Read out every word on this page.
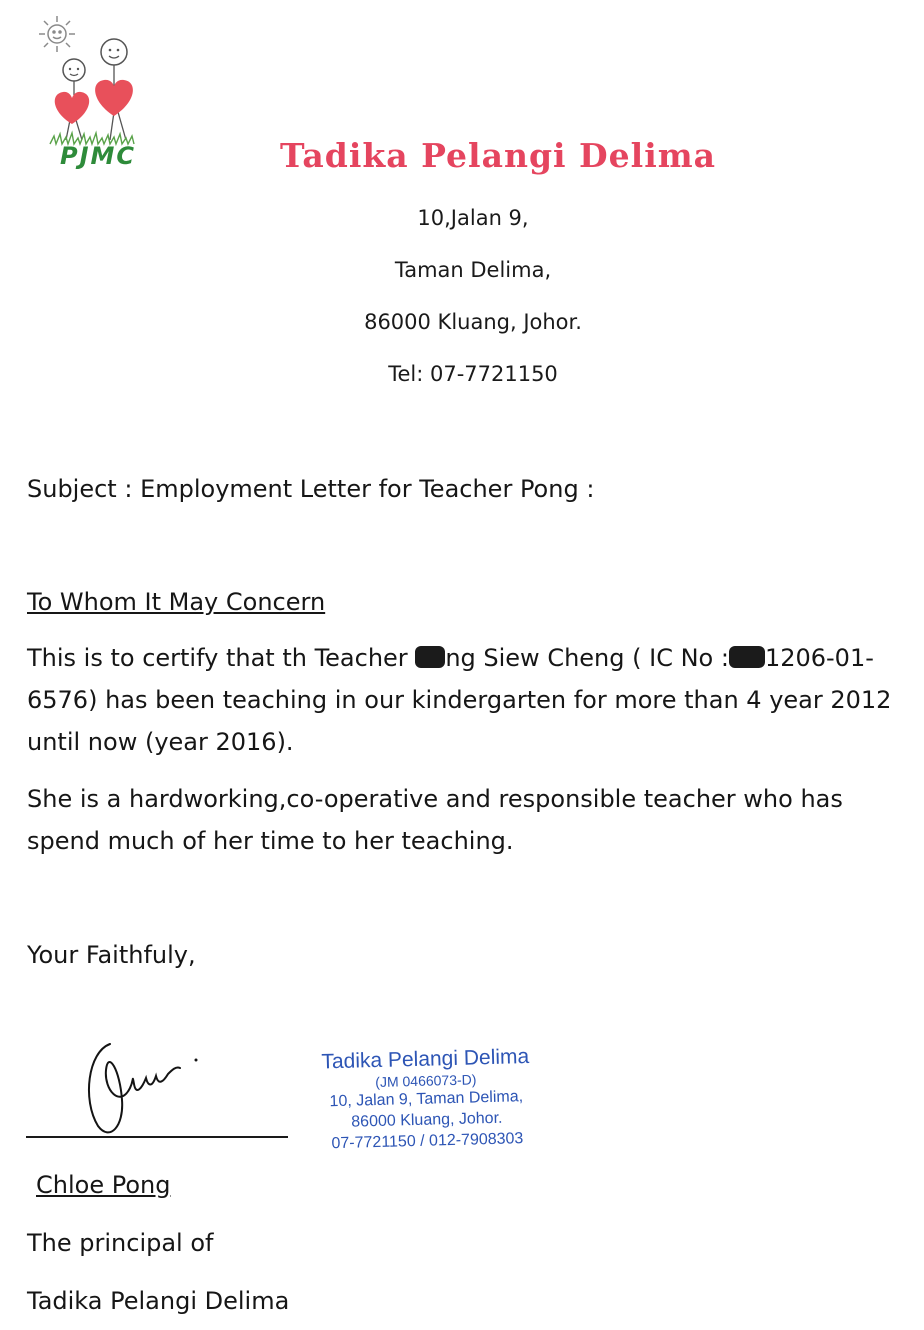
PJMC	Tadika Pelangi Delima
10,Jalan 9,
Taman Delima,
86000 Kluang, Johor.
Tel: 07-7721150
Subject : Employment Letter for Teacher Pong :
To Whom It May Concern
This is to certify that th Teacher ng Siew Cheng ( IC No : 1206-01-6576) has been teaching in our kindergarten for more than 4 year 2012 until now (year 2016).
She is a hardworking,co-operative and responsible teacher who has spend much of her time to her teaching.
Your Faithfuly,
Tadika Pelangi Delima
(JM 0466073-D)
10, Jalan 9, Taman Delima,
86000 Kluang, Johor.
07-7721150 / 012-7908303
Chloe Pong
The principal of
Tadika Pelangi Delima
